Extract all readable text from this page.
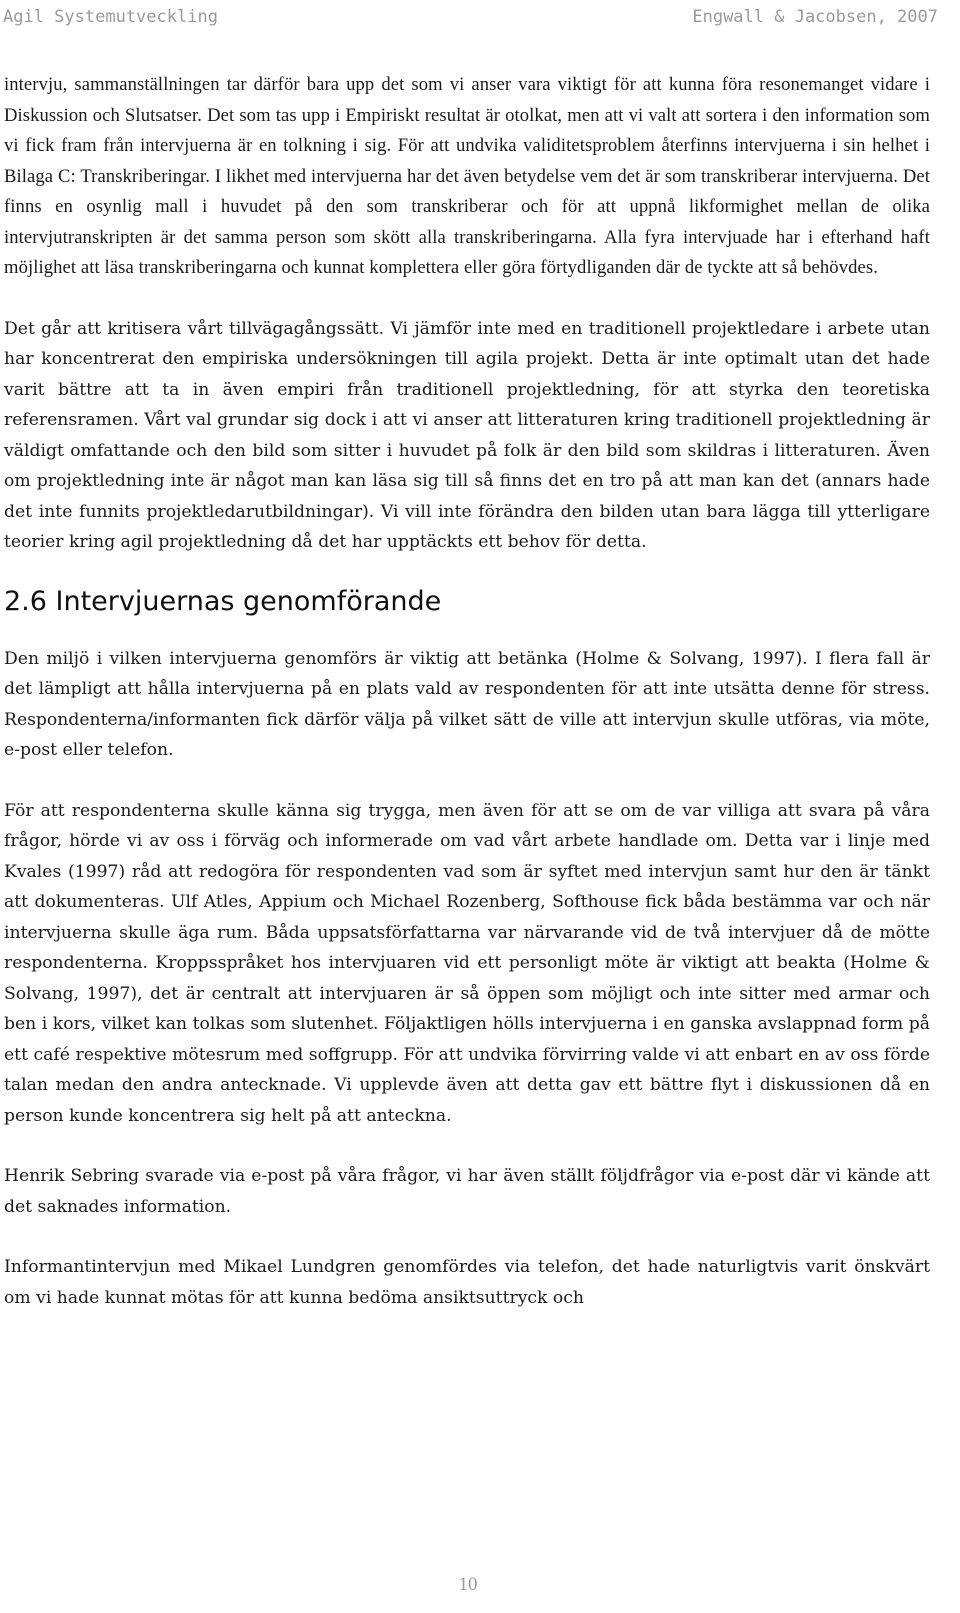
Agil Systemutveckling	Engwall & Jacobsen, 2007

intervju, sammanställningen tar därför bara upp det som vi anser vara viktigt för att kunna föra resonemanget vidare i Diskussion och Slutsatser. Det som tas upp i Empiriskt resultat är otolkat, men att vi valt att sortera i den information som vi fick fram från intervjuerna är en tolkning i sig. För att undvika validitetsproblem återfinns intervjuerna i sin helhet i Bilaga C: Transkriberingar. I likhet med intervjuerna har det även betydelse vem det är som transkriberar intervjuerna. Det finns en osynlig mall i huvudet på den som transkriberar och för att uppnå likformighet mellan de olika intervjutranskripten är det samma person som skött alla transkriberingarna. Alla fyra intervjuade har i efterhand haft möjlighet att läsa transkriberingarna och kunnat komplettera eller göra förtydliganden där de tyckte att så behövdes.

Det går att kritisera vårt tillvägagångssätt. Vi jämför inte med en traditionell projektledare i arbete utan har koncentrerat den empiriska undersökningen till agila projekt. Detta är inte optimalt utan det hade varit bättre att ta in även empiri från traditionell projektledning, för att styrka den teoretiska referensramen. Vårt val grundar sig dock i att vi anser att litteraturen kring traditionell projektledning är väldigt omfattande och den bild som sitter i huvudet på folk är den bild som skildras i litteraturen. Även om projektledning inte är något man kan läsa sig till så finns det en tro på att man kan det (annars hade det inte funnits projektledarutbildningar). Vi vill inte förändra den bilden utan bara lägga till ytterligare teorier kring agil projektledning då det har upptäckts ett behov för detta.

2.6 Intervjuernas genomförande

Den miljö i vilken intervjuerna genomförs är viktig att betänka (Holme & Solvang, 1997). I flera fall är det lämpligt att hålla intervjuerna på en plats vald av respondenten för att inte utsätta denne för stress. Respondenterna/informanten fick därför välja på vilket sätt de ville att intervjun skulle utföras, via möte, e-post eller telefon.

För att respondenterna skulle känna sig trygga, men även för att se om de var villiga att svara på våra frågor, hörde vi av oss i förväg och informerade om vad vårt arbete handlade om. Detta var i linje med Kvales (1997) råd att redogöra för respondenten vad som är syftet med intervjun samt hur den är tänkt att dokumenteras. Ulf Atles, Appium och Michael Rozenberg, Softhouse fick båda bestämma var och när intervjuerna skulle äga rum. Båda uppsatsförfattarna var närvarande vid de två intervjuer då de mötte respondenterna. Kroppsspråket hos intervjuaren vid ett personligt möte är viktigt att beakta (Holme & Solvang, 1997), det är centralt att intervjuaren är så öppen som möjligt och inte sitter med armar och ben i kors, vilket kan tolkas som slutenhet. Följaktligen hölls intervjuerna i en ganska avslappnad form på ett café respektive mötesrum med soffgrupp. För att undvika förvirring valde vi att enbart en av oss förde talan medan den andra antecknade. Vi upplevde även att detta gav ett bättre flyt i diskussionen då en person kunde koncentrera sig helt på att anteckna.

Henrik Sebring svarade via e-post på våra frågor, vi har även ställt följdfrågor via e-post där vi kände att det saknades information.

Informantintervjun med Mikael Lundgren genomfördes via telefon, det hade naturligtvis varit önskvärt om vi hade kunnat mötas för att kunna bedöma ansiktsuttryck och

10
